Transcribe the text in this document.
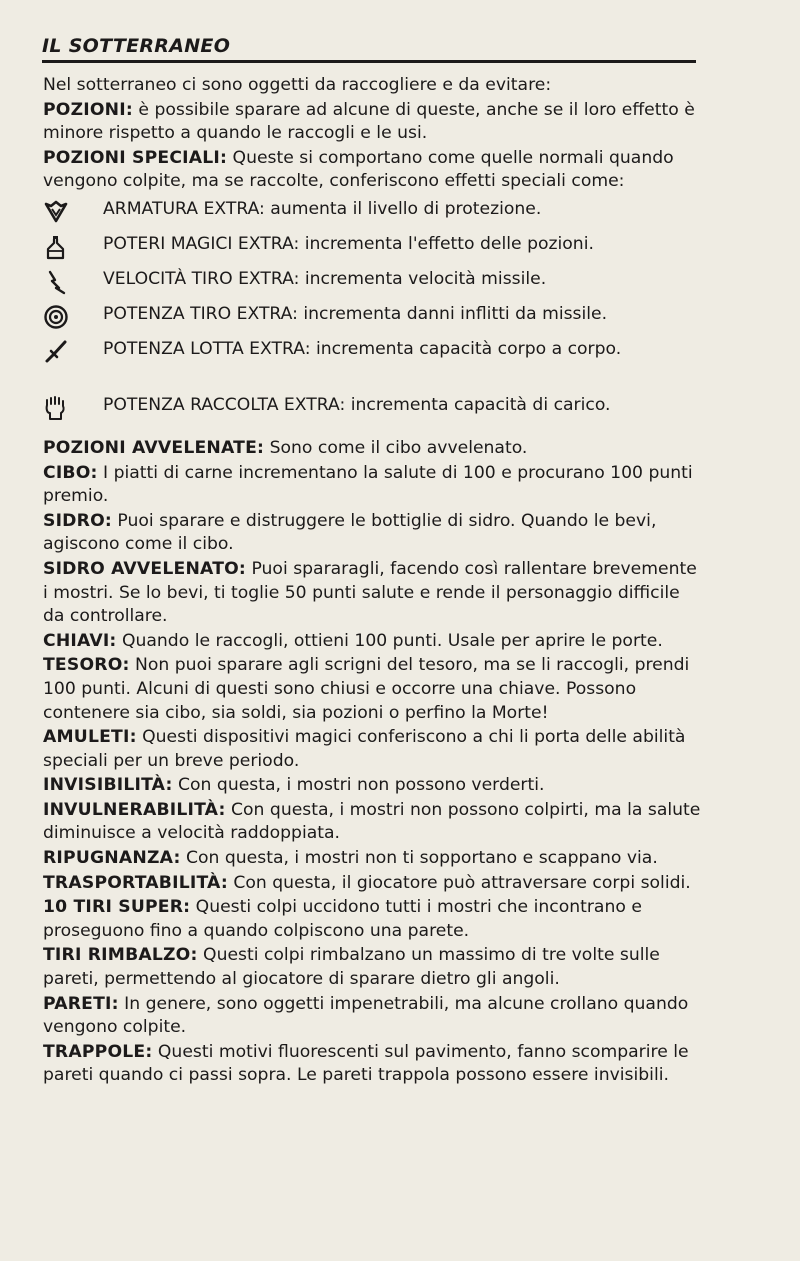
IL SOTTERRANEO

Nel sotterraneo ci sono oggetti da raccogliere e da evitare:

POZIONI: è possibile sparare ad alcune di queste, anche se il loro effetto è minore rispetto a quando le raccogli e le usi.

POZIONI SPECIALI: Queste si comportano come quelle normali quando vengono colpite, ma se raccolte, conferiscono effetti speciali come:

ARMATURA EXTRA: aumenta il livello di protezione.
POTERI MAGICI EXTRA: incrementa l'effetto delle pozioni.
VELOCITÀ TIRO EXTRA: incrementa velocità missile.
POTENZA TIRO EXTRA: incrementa danni inflitti da missile.
POTENZA LOTTA EXTRA: incrementa capacità corpo a corpo.
POTENZA RACCOLTA EXTRA: incrementa capacità di carico.

POZIONI AVVELENATE: Sono come il cibo avvelenato.

CIBO: I piatti di carne incrementano la salute di 100 e procurano 100 punti premio.

SIDRO: Puoi sparare e distruggere le bottiglie di sidro. Quando le bevi, agiscono come il cibo.

SIDRO AVVELENATO: Puoi spararagli, facendo così rallentare brevemente i mostri. Se lo bevi, ti toglie 50 punti salute e rende il personaggio difficile da controllare.

CHIAVI: Quando le raccogli, ottieni 100 punti. Usale per aprire le porte.

TESORO: Non puoi sparare agli scrigni del tesoro, ma se li raccogli, prendi 100 punti. Alcuni di questi sono chiusi e occorre una chiave. Possono contenere sia cibo, sia soldi, sia pozioni o perfino la Morte!

AMULETI: Questi dispositivi magici conferiscono a chi li porta delle abilità speciali per un breve periodo.

INVISIBILITÀ: Con questa, i mostri non possono verderti.

INVULNERABILITÀ: Con questa, i mostri non possono colpirti, ma la salute diminuisce a velocità raddoppiata.

RIPUGNANZA: Con questa, i mostri non ti sopportano e scappano via.

TRASPORTABILITÀ: Con questa, il giocatore può attraversare corpi solidi.

10 TIRI SUPER: Questi colpi uccidono tutti i mostri che incontrano e proseguono fino a quando colpiscono una parete.

TIRI RIMBALZO: Questi colpi rimbalzano un massimo di tre volte sulle pareti, permettendo al giocatore di sparare dietro gli angoli.

PARETI: In genere, sono oggetti impenetrabili, ma alcune crollano quando vengono colpite.

TRAPPOLE: Questi motivi fluorescenti sul pavimento, fanno scomparire le pareti quando ci passi sopra. Le pareti trappola possono essere invisibili.
